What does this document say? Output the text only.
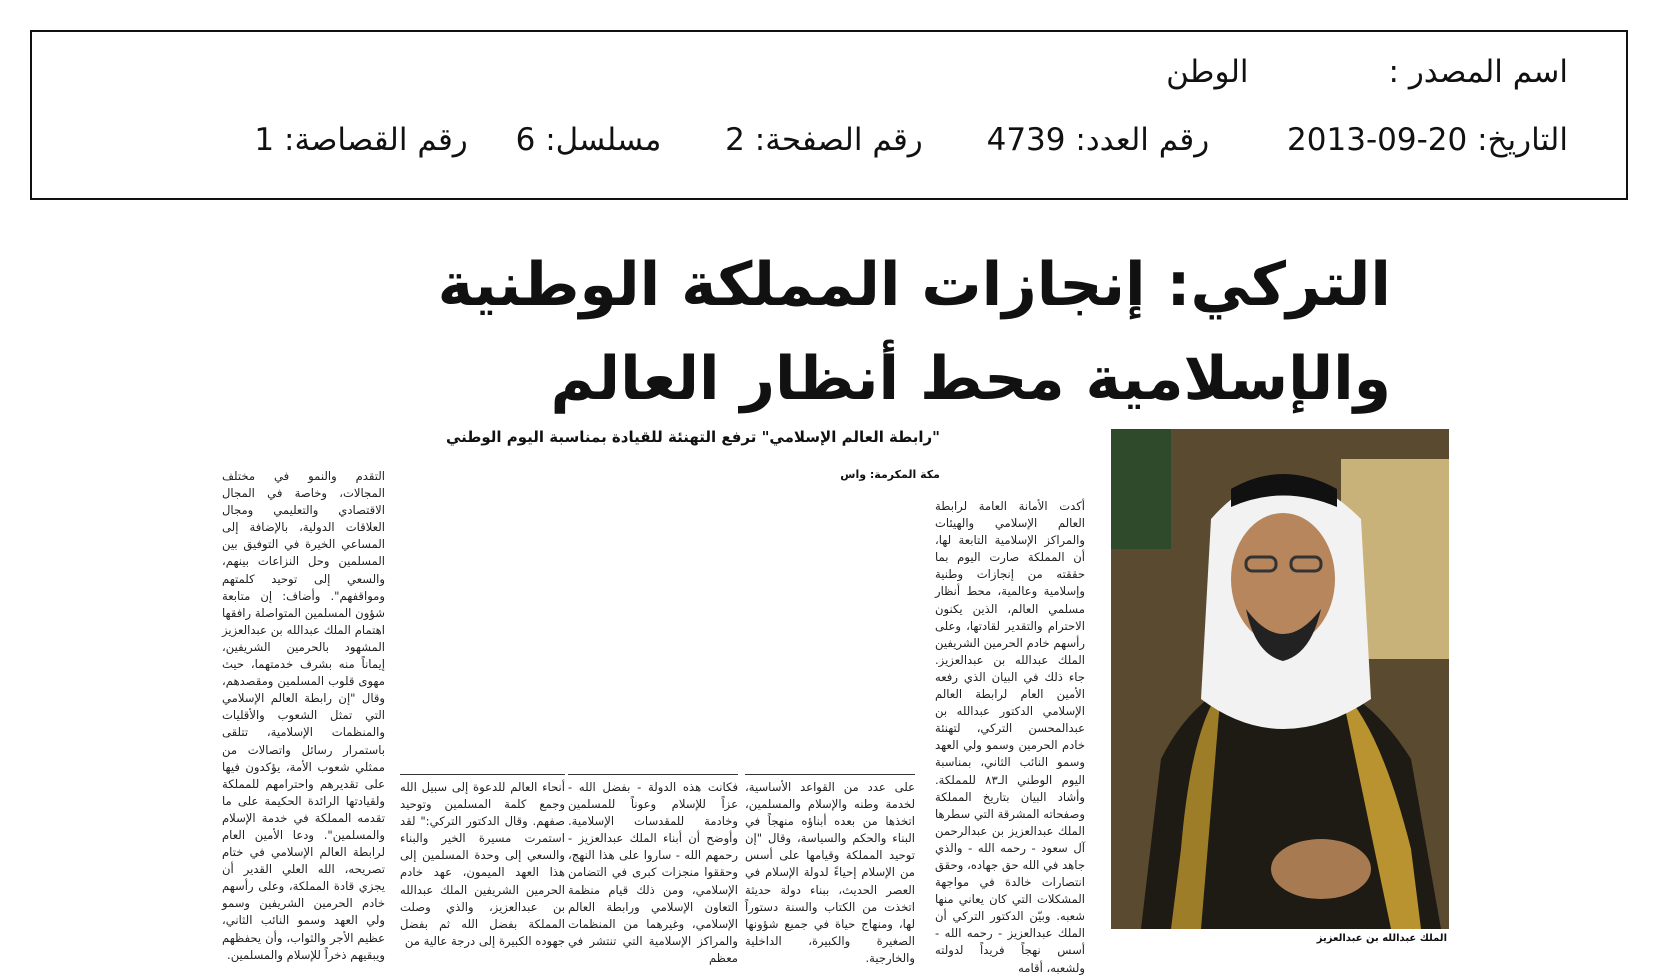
اسم المصدر :الوطن
التاريخ: 2013-09-20 رقم العدد: 4739 رقم الصفحة: 2 مسلسل: 6 رقم القصاصة: 1
التركي: إنجازات المملكة الوطنية والإسلامية محط أنظار العالم
"رابطة العالم الإسلامي" ترفع التهنئة للقيادة بمناسبة اليوم الوطني
مكة المكرمة: واس
الملك عبدالله بن عبدالعزيز
أكدت الأمانة العامة لرابطة العالم الإسلامي والهيئات والمراكز الإسلامية التابعة لها، أن المملكة صارت اليوم بما حققته من إنجازات وطنية وإسلامية وعالمية، محط أنظار مسلمي العالم، الذين يكنون الاحترام والتقدير لقادتها، وعلى رأسهم خادم الحرمين الشريفين الملك عبدالله بن عبدالعزيز. جاء ذلك في البيان الذي رفعه الأمين العام لرابطة العالم الإسلامي الدكتور عبدالله بن عبدالمحسن التركي، لتهنئة خادم الحرمين وسمو ولي العهد وسمو النائب الثاني، بمناسبة اليوم الوطني الـ٨٣ للمملكة. وأشاد البيان بتاريخ المملكة وصفحاته المشرقة التي سطرها الملك عبدالعزيز بن عبدالرحمن آل سعود - رحمه الله - والذي جاهد في الله حق جهاده، وحقق انتصارات خالدة في مواجهة المشكلات التي كان يعاني منها شعبه. وبيّن الدكتور التركي أن الملك عبدالعزيز - رحمه الله - أسس نهجاً فريداً لدولته ولشعبه، أقامه
على عدد من القواعد الأساسية، لخدمة وطنه والإسلام والمسلمين، اتخذها من بعده أبناؤه منهجاً في البناء والحكم والسياسة، وقال "إن توحيد المملكة وقيامها على أسس من الإسلام إحياءً لدولة الإسلام في العصر الحديث، ببناء دولة حديثة اتخذت من الكتاب والسنة دستوراً لها، ومنهاج حياة في جميع شؤونها الصغيرة والكبيرة، الداخلية والخارجية.
فكانت هذه الدولة - بفضل الله - عزاً للإسلام وعوناً للمسلمين وخادمة للمقدسات الإسلامية. وأوضح أن أبناء الملك عبدالعزيز - رحمهم الله - ساروا على هذا النهج، وحققوا منجزات كبرى في التضامن الإسلامي، ومن ذلك قيام منظمة التعاون الإسلامي ورابطة العالم الإسلامي، وغيرهما من المنظمات والمراكز الإسلامية التي تنتشر في معظم
أنحاء العالم للدعوة إلى سبيل الله وجمع كلمة المسلمين وتوحيد صفهم. وقال الدكتور التركي:" لقد استمرت مسيرة الخير والبناء والسعي إلى وحدة المسلمين إلى هذا العهد الميمون، عهد خادم الحرمين الشريفين الملك عبدالله بن عبدالعزيز، والذي وصلت المملكة بفضل الله ثم بفضل جهوده الكبيرة إلى درجة عالية من
التقدم والنمو في مختلف المجالات، وخاصة في المجال الاقتصادي والتعليمي ومجال العلاقات الدولية، بالإضافة إلى المساعي الخيرة في التوفيق بين المسلمين وحل النزاعات بينهم، والسعي إلى توحيد كلمتهم ومواقفهم". وأضاف: إن متابعة شؤون المسلمين المتواصلة رافقها اهتمام الملك عبدالله بن عبدالعزيز المشهود بالحرمين الشريفين، إيماناً منه بشرف خدمتهما، حيث مهوى قلوب المسلمين ومقصدهم، وقال "إن رابطة العالم الإسلامي التي تمثل الشعوب والأقليات والمنظمات الإسلامية، تتلقى باستمرار رسائل واتصالات من ممثلي شعوب الأمة، يؤكدون فيها على تقديرهم واحترامهم للمملكة ولقيادتها الرائدة الحكيمة على ما تقدمه المملكة في خدمة الإسلام والمسلمين". ودعا الأمين العام لرابطة العالم الإسلامي في ختام تصريحه، الله العلي القدير أن يجزي قادة المملكة، وعلى رأسهم خادم الحرمين الشريفين وسمو ولي العهد وسمو النائب الثاني، عظيم الأجر والثواب، وأن يحفظهم ويبقيهم ذخراً للإسلام والمسلمين.
